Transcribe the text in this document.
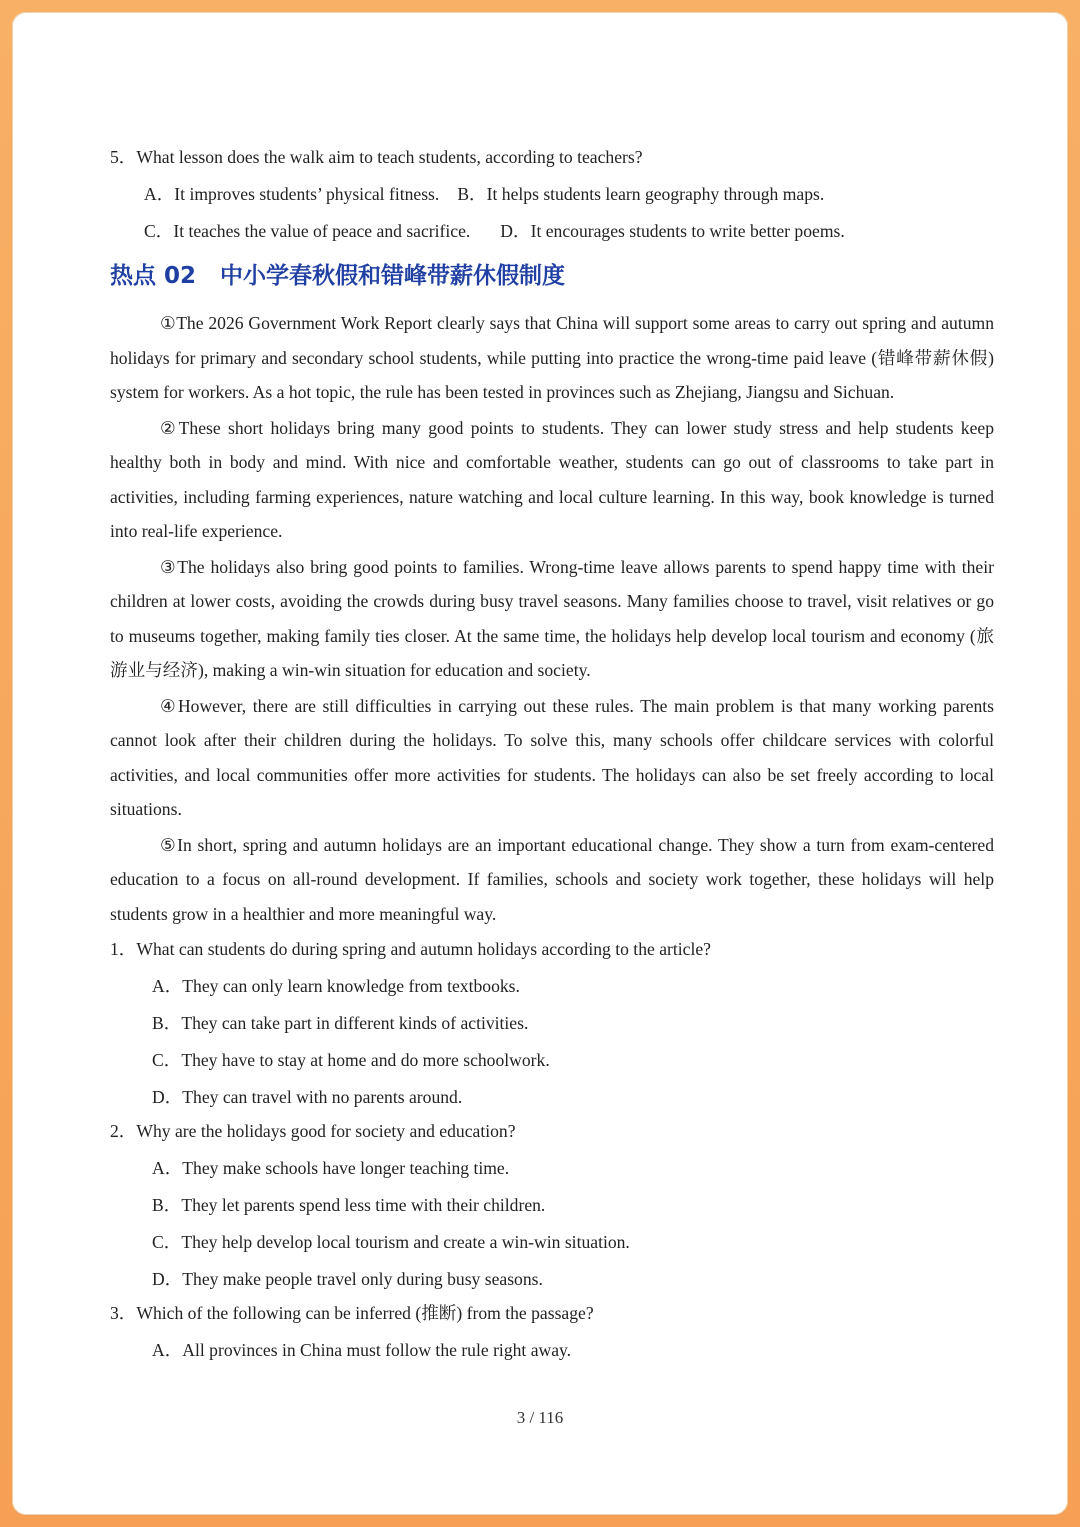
5．What lesson does the walk aim to teach students, according to teachers?

A．It improves students’ physical fitness. B．It helps students learn geography through maps.

C．It teaches the value of peace and sacrifice. D．It encourages students to write better poems.

热点 02 中小学春秋假和错峰带薪休假制度

①The 2026 Government Work Report clearly says that China will support some areas to carry out spring and autumn holidays for primary and secondary school students, while putting into practice the wrong-time paid leave (错峰带薪休假) system for workers. As a hot topic, the rule has been tested in provinces such as Zhejiang, Jiangsu and Sichuan.

②These short holidays bring many good points to students. They can lower study stress and help students keep healthy both in body and mind. With nice and comfortable weather, students can go out of classrooms to take part in activities, including farming experiences, nature watching and local culture learning. In this way, book knowledge is turned into real-life experience.

③The holidays also bring good points to families. Wrong-time leave allows parents to spend happy time with their children at lower costs, avoiding the crowds during busy travel seasons. Many families choose to travel, visit relatives or go to museums together, making family ties closer. At the same time, the holidays help develop local tourism and economy (旅游业与经济), making a win-win situation for education and society.

④However, there are still difficulties in carrying out these rules. The main problem is that many working parents cannot look after their children during the holidays. To solve this, many schools offer childcare services with colorful activities, and local communities offer more activities for students. The holidays can also be set freely according to local situations.

⑤In short, spring and autumn holidays are an important educational change. They show a turn from exam-centered education to a focus on all-round development. If families, schools and society work together, these holidays will help students grow in a healthier and more meaningful way.

1．What can students do during spring and autumn holidays according to the article?

A．They can only learn knowledge from textbooks.

B．They can take part in different kinds of activities.

C．They have to stay at home and do more schoolwork.

D．They can travel with no parents around.

2．Why are the holidays good for society and education?

A．They make schools have longer teaching time.

B．They let parents spend less time with their children.

C．They help develop local tourism and create a win-win situation.

D．They make people travel only during busy seasons.

3．Which of the following can be inferred (推断) from the passage?

A．All provinces in China must follow the rule right away.

3 / 116
